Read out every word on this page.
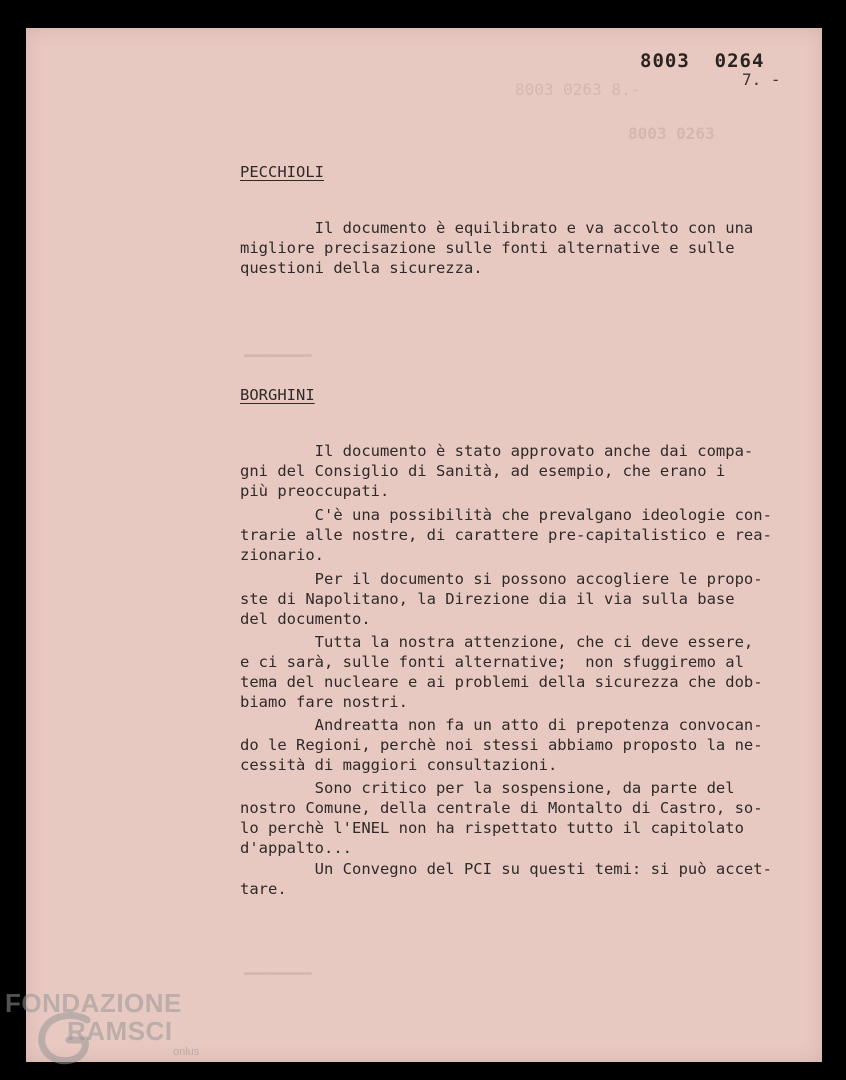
8003  0264
7. -
PECCHIOLI
Il documento è equilibrato e va accolto con una
migliore precisazione sulle fonti alternative e sulle
questioni della sicurezza.
BORGHINI
Il documento è stato approvato anche dai compa-
gni del Consiglio di Sanità, ad esempio, che erano i
più preoccupati.
C'è una possibilità che prevalgano ideologie con-
trarie alle nostre, di carattere pre-capitalistico e rea-
zionario.
Per il documento si possono accogliere le propo-
ste di Napolitano, la Direzione dia il via sulla base
del documento.
Tutta la nostra attenzione, che ci deve essere,
e ci sarà, sulle fonti alternative;  non sfuggiremo al
tema del nucleare e ai problemi della sicurezza che dob-
biamo fare nostri.
Andreatta non fa un atto di prepotenza convocan-
do le Regioni, perchè noi stessi abbiamo proposto la ne-
cessità di maggiori consultazioni.
Sono critico per la sospensione, da parte del
nostro Comune, della centrale di Montalto di Castro, so-
lo perchè l'ENEL non ha rispettato tutto il capitolato
d'appalto...
Un Convegno del PCI su questi temi: si può accet-
tare.
FONDAZIONE
RAMSCI
onlus
